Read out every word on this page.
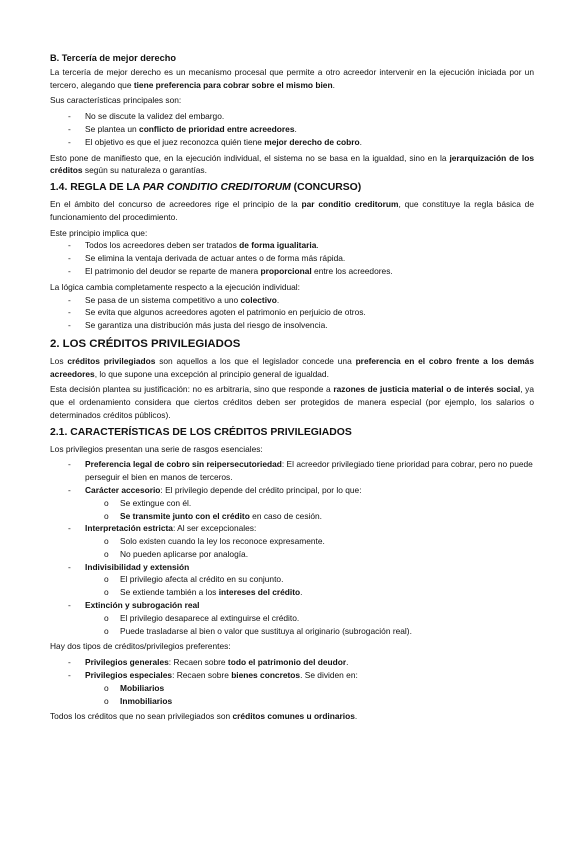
B. Tercería de mejor derecho

La tercería de mejor derecho es un mecanismo procesal que permite a otro acreedor intervenir en la ejecución iniciada por un tercero, alegando que tiene preferencia para cobrar sobre el mismo bien.

Sus características principales son:

- No se discute la validez del embargo.
- Se plantea un conflicto de prioridad entre acreedores.
- El objetivo es que el juez reconozca quién tiene mejor derecho de cobro.

Esto pone de manifiesto que, en la ejecución individual, el sistema no se basa en la igualdad, sino en la jerarquización de los créditos según su naturaleza o garantías.

1.4. REGLA DE LA PAR CONDITIO CREDITORUM (CONCURSO)

En el ámbito del concurso de acreedores rige el principio de la par conditio creditorum, que constituye la regla básica de funcionamiento del procedimiento.

Este principio implica que:

- Todos los acreedores deben ser tratados de forma igualitaria.
- Se elimina la ventaja derivada de actuar antes o de forma más rápida.
- El patrimonio del deudor se reparte de manera proporcional entre los acreedores.

La lógica cambia completamente respecto a la ejecución individual:

- Se pasa de un sistema competitivo a uno colectivo.
- Se evita que algunos acreedores agoten el patrimonio en perjuicio de otros.
- Se garantiza una distribución más justa del riesgo de insolvencia.
2. LOS CRÉDITOS PRIVILEGIADOS

Los créditos privilegiados son aquellos a los que el legislador concede una preferencia en el cobro frente a los demás acreedores, lo que supone una excepción al principio general de igualdad.

Esta decisión plantea su justificación: no es arbitraria, sino que responde a razones de justicia material o de interés social, ya que el ordenamiento considera que ciertos créditos deben ser protegidos de manera especial (por ejemplo, los salarios o determinados créditos públicos).

2.1. CARACTERÍSTICAS DE LOS CRÉDITOS PRIVILEGIADOS

Los privilegios presentan una serie de rasgos esenciales:

- Preferencia legal de cobro sin reipersecutoriedad: El acreedor privilegiado tiene prioridad para cobrar, pero no puede perseguir el bien en manos de terceros.
- Carácter accesorio: El privilegio depende del crédito principal, por lo que:
o Se extingue con él.
o Se transmite junto con el crédito en caso de cesión.
- Interpretación estricta: Al ser excepcionales:
o Solo existen cuando la ley los reconoce expresamente.
o No pueden aplicarse por analogía.
- Indivisibilidad y extensión
o El privilegio afecta al crédito en su conjunto.
o Se extiende también a los intereses del crédito.
- Extinción y subrogación real
o El privilegio desaparece al extinguirse el crédito.
o Puede trasladarse al bien o valor que sustituya al originario (subrogación real).

Hay dos tipos de créditos/privilegios preferentes:

- Privilegios generales: Recaen sobre todo el patrimonio del deudor.
- Privilegios especiales: Recaen sobre bienes concretos. Se dividen en:
o Mobiliarios
o Inmobiliarios

Todos los créditos que no sean privilegiados son créditos comunes u ordinarios.
